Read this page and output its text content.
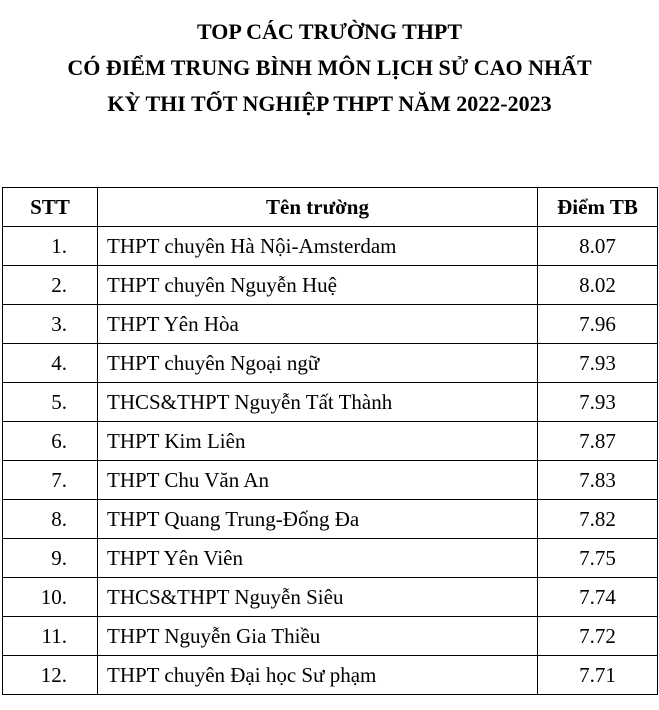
TOP CÁC TRƯỜNG THPT
CÓ ĐIỂM TRUNG BÌNH MÔN LỊCH SỬ CAO NHẤT
KỲ THI TỐT NGHIỆP THPT NĂM 2022-2023
STT	Tên trường	Điểm TB
1.	THPT chuyên Hà Nội-Amsterdam	8.07
2.	THPT chuyên Nguyễn Huệ	8.02
3.	THPT Yên Hòa	7.96
4.	THPT chuyên Ngoại ngữ	7.93
5.	THCS&THPT Nguyễn Tất Thành	7.93
6.	THPT Kim Liên	7.87
7.	THPT Chu Văn An	7.83
8.	THPT Quang Trung-Đống Đa	7.82
9.	THPT Yên Viên	7.75
10.	THCS&THPT Nguyễn Siêu	7.74
11.	THPT Nguyễn Gia Thiều	7.72
12.	THPT chuyên Đại học Sư phạm	7.71
